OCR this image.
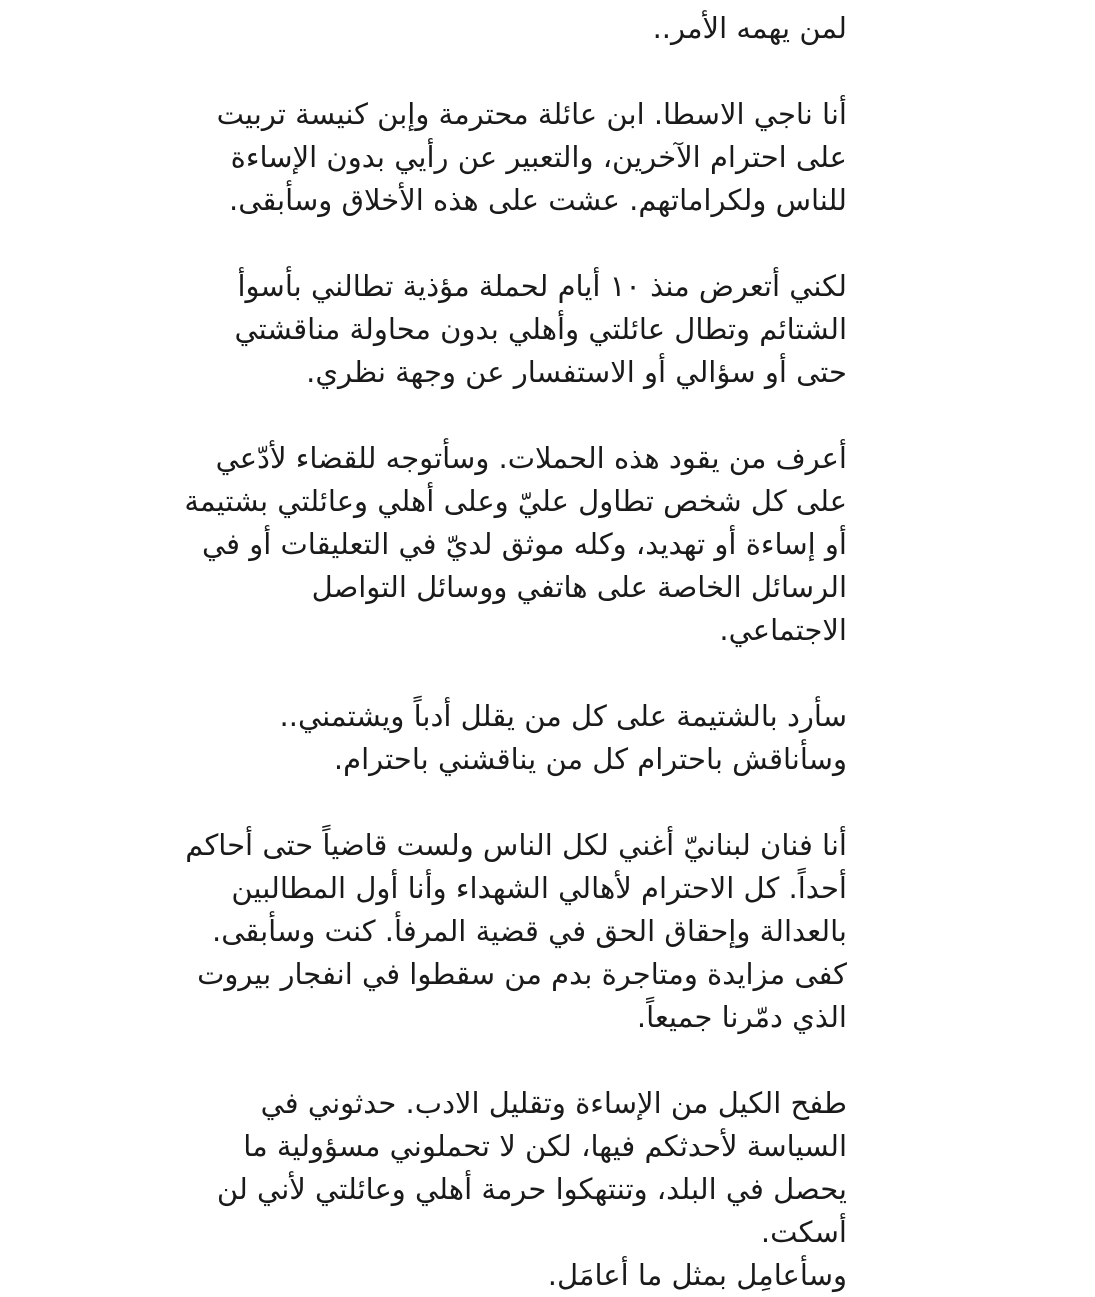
لمن يهمه الأمر..
أنا ناجي الاسطا. ابن عائلة محترمة وإبن كنيسة تربيت
على احترام الآخرين، والتعبير عن رأيي بدون الإساءة
للناس ولكراماتهم. عشت على هذه الأخلاق وسأبقى.
لكني أتعرض منذ ١٠ أيام لحملة مؤذية تطالني بأسوأ
الشتائم وتطال عائلتي وأهلي بدون محاولة مناقشتي
حتى أو سؤالي أو الاستفسار عن وجهة نظري.
أعرف من يقود هذه الحملات. وسأتوجه للقضاء لأدّعي
على كل شخص تطاول عليّ وعلى أهلي وعائلتي بشتيمة
أو إساءة أو تهديد، وكله موثق لديّ في التعليقات أو في
الرسائل الخاصة على هاتفي ووسائل التواصل
الاجتماعي.
سأرد بالشتيمة على كل من يقلل أدباً ويشتمني..
وسأناقش باحترام كل من يناقشني باحترام.
أنا فنان لبنانيّ أغني لكل الناس ولست قاضياً حتى أحاكم
أحداً. كل الاحترام لأهالي الشهداء وأنا أول المطالبين
بالعدالة وإحقاق الحق في قضية المرفأ. كنت وسأبقى.
كفى مزايدة ومتاجرة بدم من سقطوا في انفجار بيروت
الذي دمّرنا جميعاً.
طفح الكيل من الإساءة وتقليل الادب. حدثوني في
السياسة لأحدثكم فيها، لكن لا تحملوني مسؤولية ما
يحصل في البلد، وتنتهكوا حرمة أهلي وعائلتي لأني لن
أسكت.
وسأعامِل بمثل ما أعامَل.
